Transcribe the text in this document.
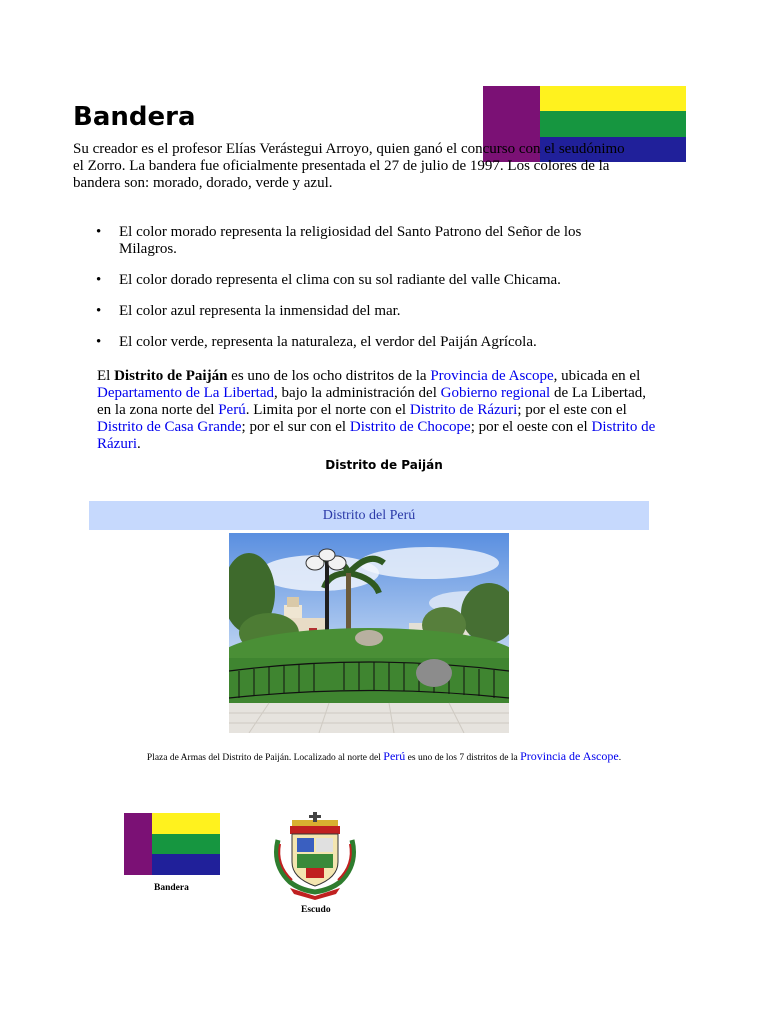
Bandera

Su creador es el profesor Elías Verástegui Arroyo, quien ganó el concurso con el seudónimo el Zorro. La bandera fue oficialmente presentada el 27 de julio de 1997. Los colores de la bandera son: morado, dorado, verde y azul.

• El color morado representa la religiosidad del Santo Patrono del Señor de los Milagros.
• El color dorado representa el clima con su sol radiante del valle Chicama.
• El color azul representa la inmensidad del mar.
• El color verde, representa la naturaleza, el verdor del Paiján Agrícola.

El Distrito de Paiján es uno de los ocho distritos de la Provincia de Ascope, ubicada en el Departamento de La Libertad, bajo la administración del Gobierno regional de La Libertad, en la zona norte del Perú. Limita por el norte con el Distrito de Rázuri; por el este con el Distrito de Casa Grande; por el sur con el Distrito de Chocope; por el oeste con el Distrito de Rázuri.

Distrito de Paiján
Distrito del Perú
Plaza de Armas del Distrito de Paiján. Localizado al norte del Perú es uno de los 7 distritos de la Provincia de Ascope.
Bandera
Escudo
